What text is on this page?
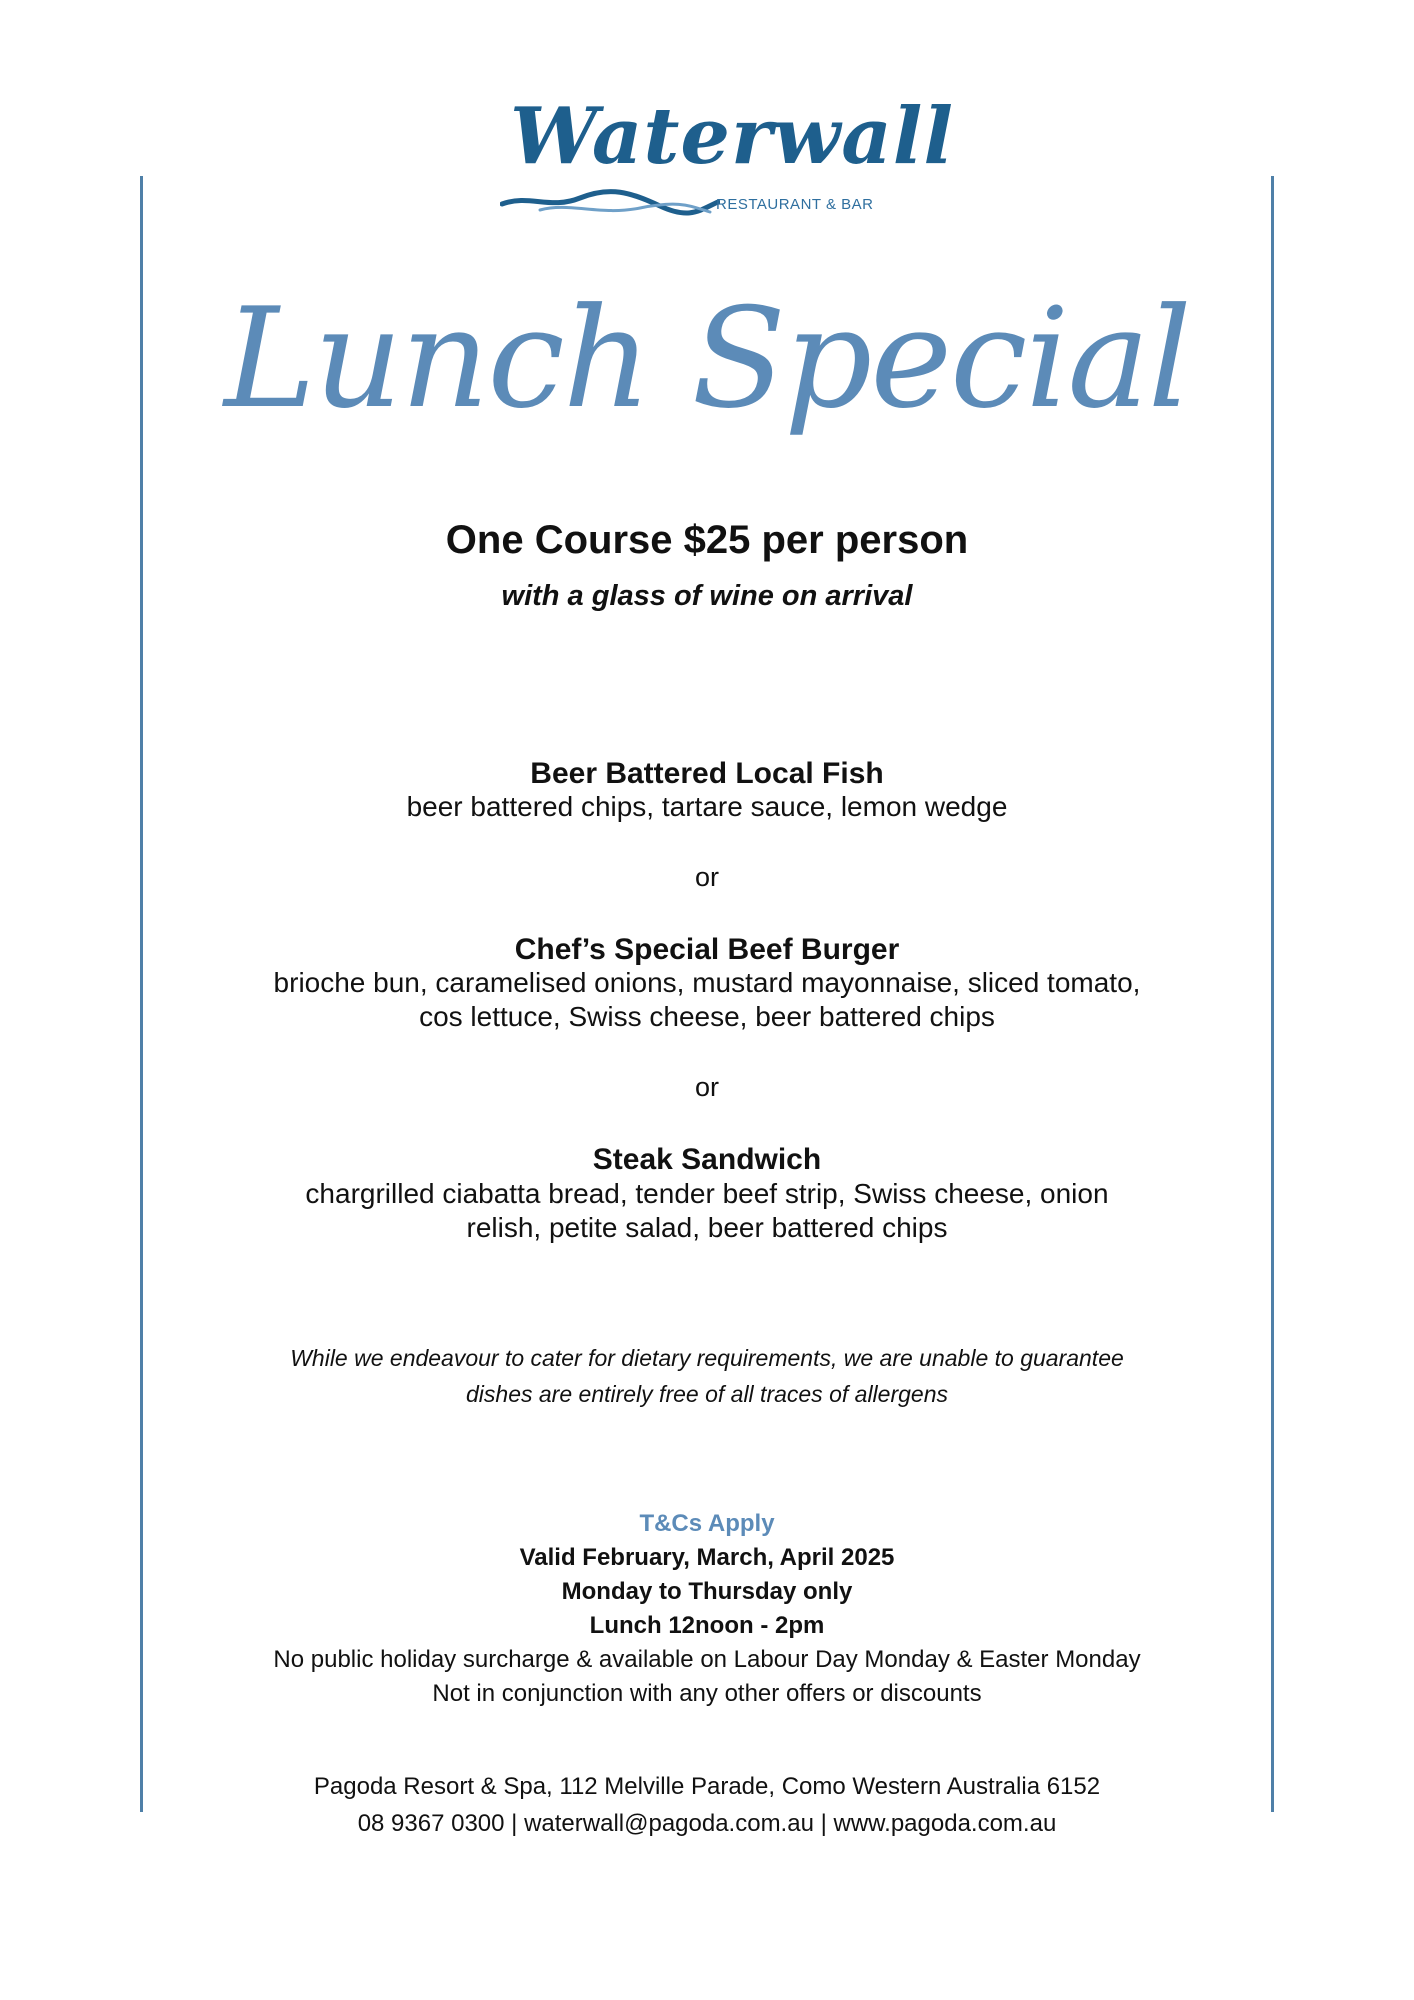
Waterwall
RESTAURANT & BAR
Lunch Special
One Course $25 per person
with a glass of wine on arrival
Beer Battered Local Fish
beer battered chips, tartare sauce, lemon wedge
or
Chef’s Special Beef Burger
brioche bun, caramelised onions, mustard mayonnaise, sliced tomato,
cos lettuce, Swiss cheese, beer battered chips
or
Steak Sandwich
chargrilled ciabatta bread, tender beef strip, Swiss cheese, onion
relish, petite salad, beer battered chips
While we endeavour to cater for dietary requirements, we are unable to guarantee
dishes are entirely free of all traces of allergens
T&Cs Apply
Valid February, March, April 2025
Monday to Thursday only
Lunch 12noon - 2pm
No public holiday surcharge & available on Labour Day Monday & Easter Monday
Not in conjunction with any other offers or discounts
Pagoda Resort & Spa, 112 Melville Parade, Como Western Australia 6152
08 9367 0300 | waterwall@pagoda.com.au | www.pagoda.com.au
